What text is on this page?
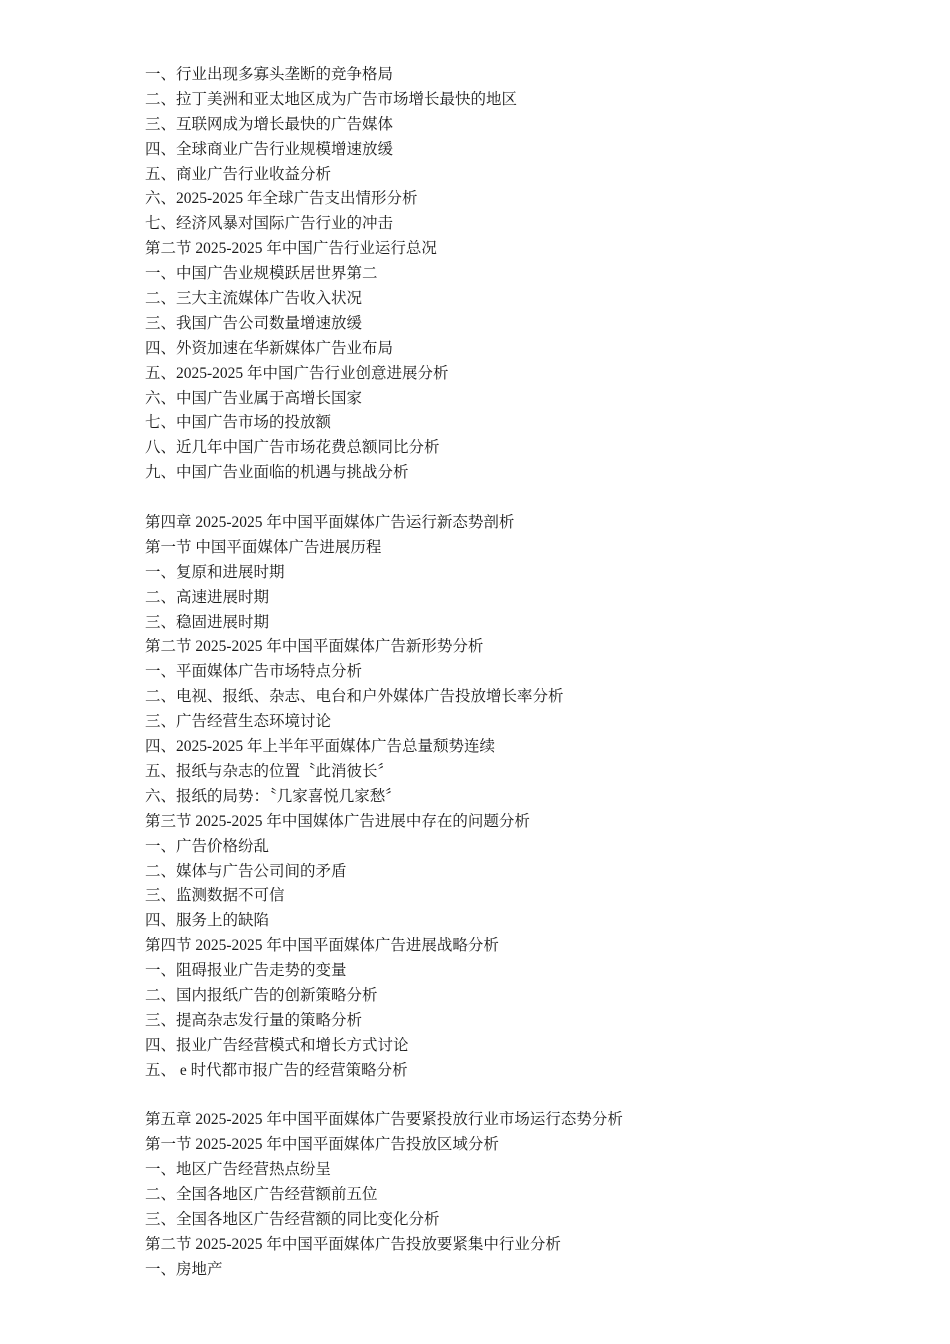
一、行业出现多寡头垄断的竞争格局
二、拉丁美洲和亚太地区成为广告市场增长最快的地区
三、互联网成为增长最快的广告媒体
四、全球商业广告行业规模增速放缓
五、商业广告行业收益分析
六、2025-2025 年全球广告支出情形分析
七、经济风暴对国际广告行业的冲击
第二节 2025-2025 年中国广告行业运行总况
一、中国广告业规模跃居世界第二
二、三大主流媒体广告收入状况
三、我国广告公司数量增速放缓
四、外资加速在华新媒体广告业布局
五、2025-2025 年中国广告行业创意进展分析
六、中国广告业属于高增长国家
七、中国广告市场的投放额
八、近几年中国广告市场花费总额同比分析
九、中国广告业面临的机遇与挑战分析
第四章 2025-2025 年中国平面媒体广告运行新态势剖析
第一节 中国平面媒体广告进展历程
一、复原和进展时期
二、高速进展时期
三、稳固进展时期
第二节 2025-2025 年中国平面媒体广告新形势分析
一、平面媒体广告市场特点分析
二、电视、报纸、杂志、电台和户外媒体广告投放增长率分析
三、广告经营生态环境讨论
四、2025-2025 年上半年平面媒体广告总量颓势连续
五、报纸与杂志的位置〝此消彼长〞
六、报纸的局势：〝几家喜悦几家愁〞
第三节 2025-2025 年中国媒体广告进展中存在的问题分析
一、广告价格纷乱
二、媒体与广告公司间的矛盾
三、监测数据不可信
四、服务上的缺陷
第四节 2025-2025 年中国平面媒体广告进展战略分析
一、阻碍报业广告走势的变量
二、国内报纸广告的创新策略分析
三、提高杂志发行量的策略分析
四、报业广告经营模式和增长方式讨论
五、 e 时代都市报广告的经营策略分析
第五章 2025-2025 年中国平面媒体广告要紧投放行业市场运行态势分析
第一节 2025-2025 年中国平面媒体广告投放区域分析
一、地区广告经营热点纷呈
二、全国各地区广告经营额前五位
三、全国各地区广告经营额的同比变化分析
第二节 2025-2025 年中国平面媒体广告投放要紧集中行业分析
一、房地产
